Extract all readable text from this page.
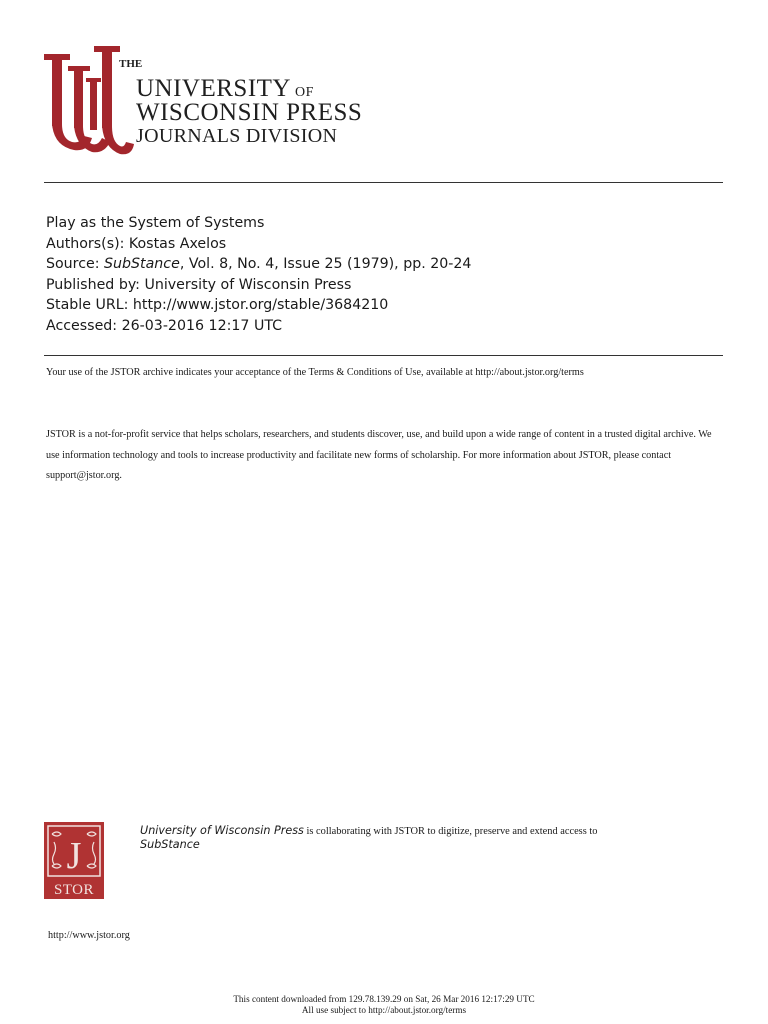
THE
UNIVERSITY OF
WISCONSIN PRESS
JOURNALS DIVISION
Play as the System of Systems
Authors(s): Kostas Axelos
Source: SubStance, Vol. 8, No. 4, Issue 25 (1979), pp. 20-24
Published by: University of Wisconsin Press
Stable URL: http://www.jstor.org/stable/3684210
Accessed: 26-03-2016 12:17 UTC
Your use of the JSTOR archive indicates your acceptance of the Terms & Conditions of Use, available at http://about.jstor.org/terms
JSTOR is a not-for-profit service that helps scholars, researchers, and students discover, use, and build upon a wide range of content in a trusted digital archive. We use information technology and tools to increase productivity and facilitate new forms of scholarship. For more information about JSTOR, please contact support@jstor.org.
J
STOR
University of Wisconsin Press is collaborating with JSTOR to digitize, preserve and extend access to
SubStance
http://www.jstor.org
This content downloaded from 129.78.139.29 on Sat, 26 Mar 2016 12:17:29 UTC
All use subject to http://about.jstor.org/terms
